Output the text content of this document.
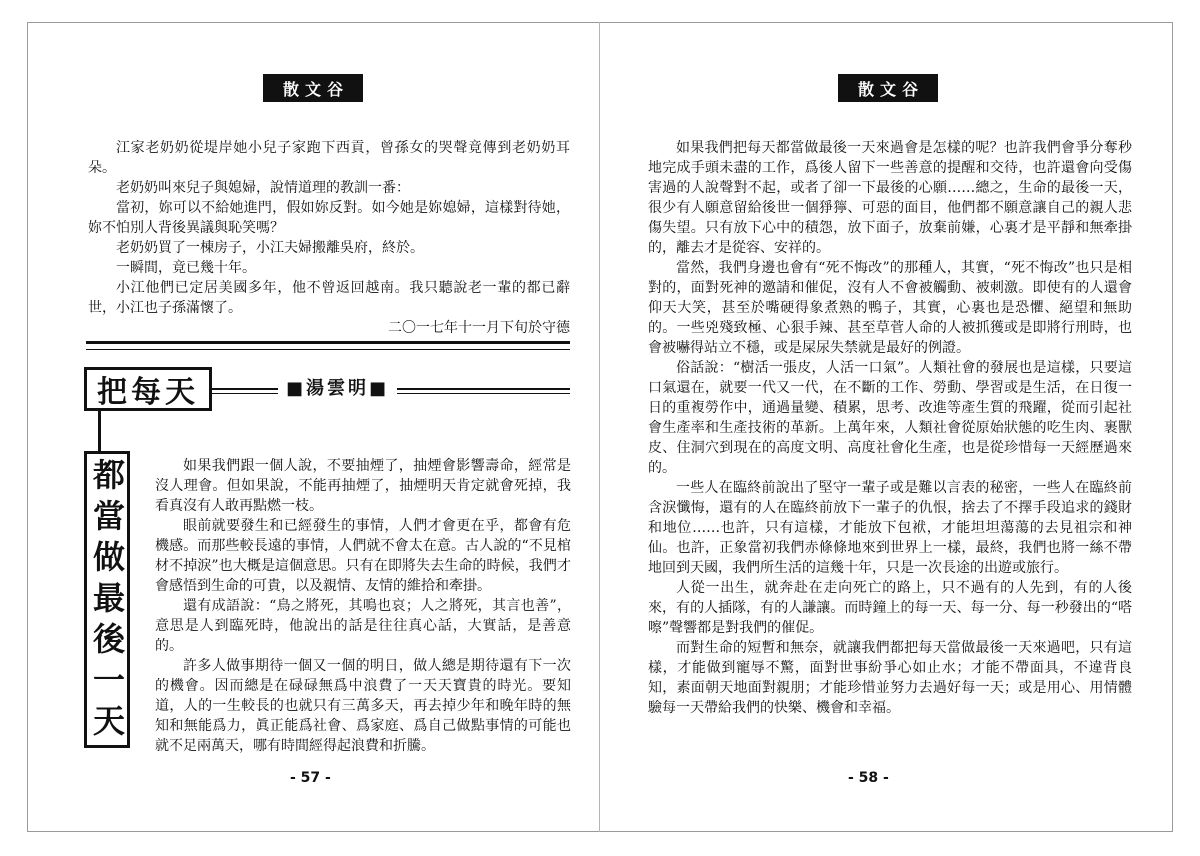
散文谷

江家老奶奶從堤岸她小兒子家跑下西貢，曾孫女的哭聲竟傳到老奶奶耳朵。

老奶奶叫來兒子與媳婦，說情道理的教訓一番：

當初，妳可以不給她進門，假如妳反對。如今她是妳媳婦，這樣對待她，妳不怕別人背後異議與恥笑嗎？

老奶奶買了一棟房子，小江夫婦搬離吳府，終於。

一瞬間，竟已幾十年。

小江他們已定居美國多年，他不曾返回越南。我只聽說老一輩的都已辭世，小江也子孫滿懷了。

二〇一七年十一月下旬於守德

把每天	■湯雲明■
都當做最後一天	如果我們跟一個人說，不要抽煙了，抽煙會影響壽命，經常是沒人理會。但如果說，不能再抽煙了，抽煙明天肯定就會死掉，我看真沒有人敢再點燃一枝。

眼前就要發生和已經發生的事情，人們才會更在乎，都會有危機感。而那些較長遠的事情，人們就不會太在意。古人說的“不見棺材不掉淚”也大概是這個意思。只有在即將失去生命的時候，我們才會感悟到生命的可貴，以及親情、友情的維拾和牽掛。

還有成語說：“鳥之將死，其鳴也哀；人之將死，其言也善”，意思是人到臨死時，他說出的話是往往真心話，大實話，是善意的。

許多人做事期待一個又一個的明日，做人總是期待還有下一次的機會。因而總是在碌碌無爲中浪費了一天天寶貴的時光。要知道，人的一生較長的也就只有三萬多天，再去掉少年和晚年時的無知和無能爲力，眞正能爲社會、爲家庭、爲自己做點事情的可能也就不足兩萬天，哪有時間經得起浪費和折騰。

- 57 -
散文谷

如果我們把每天都當做最後一天來過會是怎樣的呢？也許我們會爭分奪秒地完成手頭未盡的工作，爲後人留下一些善意的提醒和交待，也許還會向受傷害過的人說聲對不起，或者了卻一下最後的心願……總之，生命的最後一天，很少有人願意留給後世一個猙獰、可惡的面目，他們都不願意讓自己的親人悲傷失望。只有放下心中的積怨，放下面子，放棄前嫌，心裏才是平靜和無牽掛的，離去才是從容、安祥的。

當然，我們身邊也會有“死不悔改”的那種人，其實，“死不悔改”也只是相對的，面對死神的邀請和催促，沒有人不會被觸動、被刺激。即使有的人還會仰天大笑，甚至於嘴硬得象煮熟的鴨子，其實，心裏也是恐懼、絕望和無助的。一些兇殘致極、心狠手辣、甚至草菅人命的人被抓獲或是即將行刑時，也會被嚇得站立不穩，或是屎尿失禁就是最好的例證。

俗話說：“樹活一張皮，人活一口氣”。人類社會的發展也是這樣，只要這口氣還在，就要一代又一代，在不斷的工作、勞動、學習或是生活，在日復一日的重複勞作中，通過量變、積累，思考、改進等產生質的飛躍，從而引起社會生產率和生產技術的革新。上萬年來，人類社會從原始狀態的吃生肉、裹獸皮、住洞穴到現在的高度文明、高度社會化生產，也是從珍惜每一天經歷過來的。

一些人在臨終前說出了堅守一輩子或是難以言表的秘密，一些人在臨終前含淚懺悔，還有的人在臨終前放下一輩子的仇恨，捨去了不擇手段追求的錢財和地位……也許，只有這樣，才能放下包袱，才能坦坦蕩蕩的去見祖宗和神仙。也許，正象當初我們赤條條地來到世界上一樣，最終，我們也將一絲不帶地回到天國，我們所生活的這幾十年，只是一次長途的出遊或旅行。

人從一出生，就奔赴在走向死亡的路上，只不過有的人先到，有的人後來，有的人插隊，有的人謙讓。而時鐘上的每一天、每一分、每一秒發出的“嗒嚓”聲響都是對我們的催促。

而對生命的短暫和無奈，就讓我們都把每天當做最後一天來過吧，只有這樣，才能做到寵辱不驚，面對世事紛爭心如止水；才能不帶面具，不違背良知，素面朝天地面對親朋；才能珍惜並努力去過好每一天；或是用心、用情體驗每一天帶給我們的快樂、機會和幸福。

- 58 -
